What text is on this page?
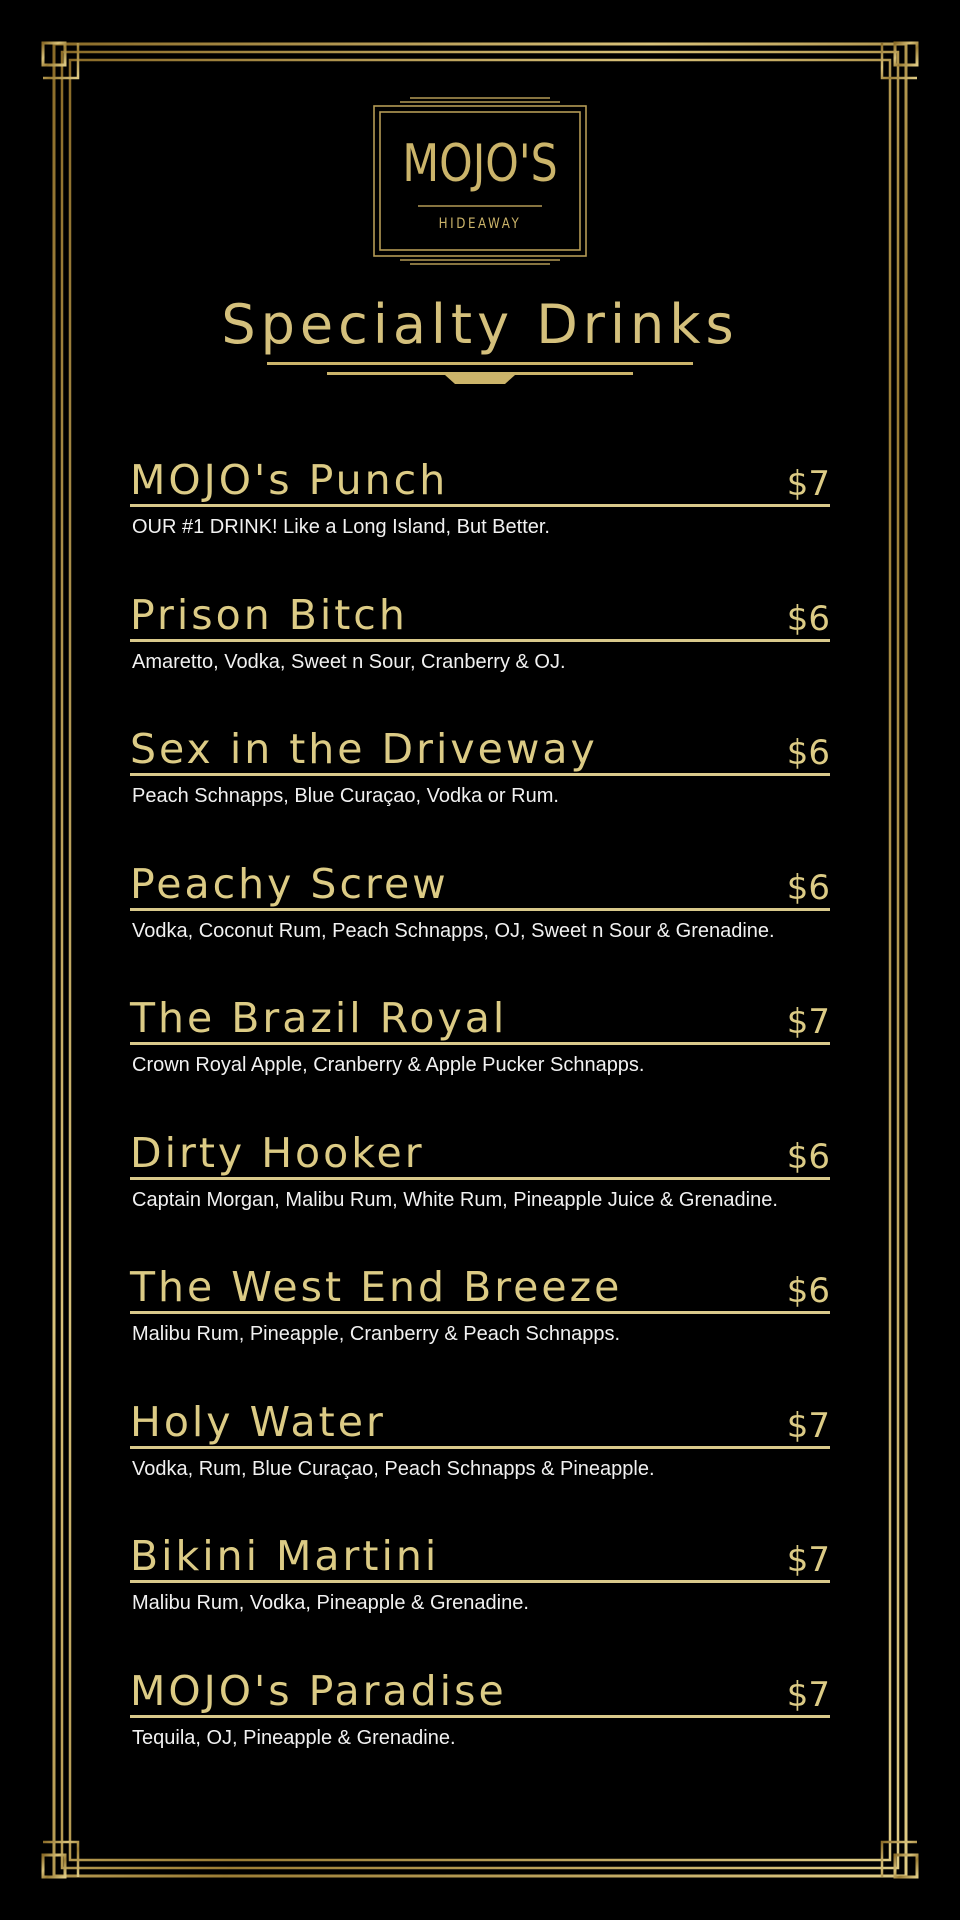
MOJO'S
HIDEAWAY
Specialty Drinks
MOJO's Punch	$7
OUR #1 DRINK! Like a Long Island, But Better.
Prison Bitch	$6
Amaretto, Vodka, Sweet n Sour, Cranberry & OJ.
Sex in the Driveway	$6
Peach Schnapps, Blue Curaçao, Vodka or Rum.
Peachy Screw	$6
Vodka, Coconut Rum, Peach Schnapps, OJ, Sweet n Sour & Grenadine.
The Brazil Royal	$7
Crown Royal Apple, Cranberry & Apple Pucker Schnapps.
Dirty Hooker	$6
Captain Morgan, Malibu Rum, White Rum, Pineapple Juice & Grenadine.
The West End Breeze	$6
Malibu Rum, Pineapple, Cranberry & Peach Schnapps.
Holy Water	$7
Vodka, Rum, Blue Curaçao, Peach Schnapps & Pineapple.
Bikini Martini	$7
Malibu Rum, Vodka, Pineapple & Grenadine.
MOJO's Paradise	$7
Tequila, OJ, Pineapple & Grenadine.
